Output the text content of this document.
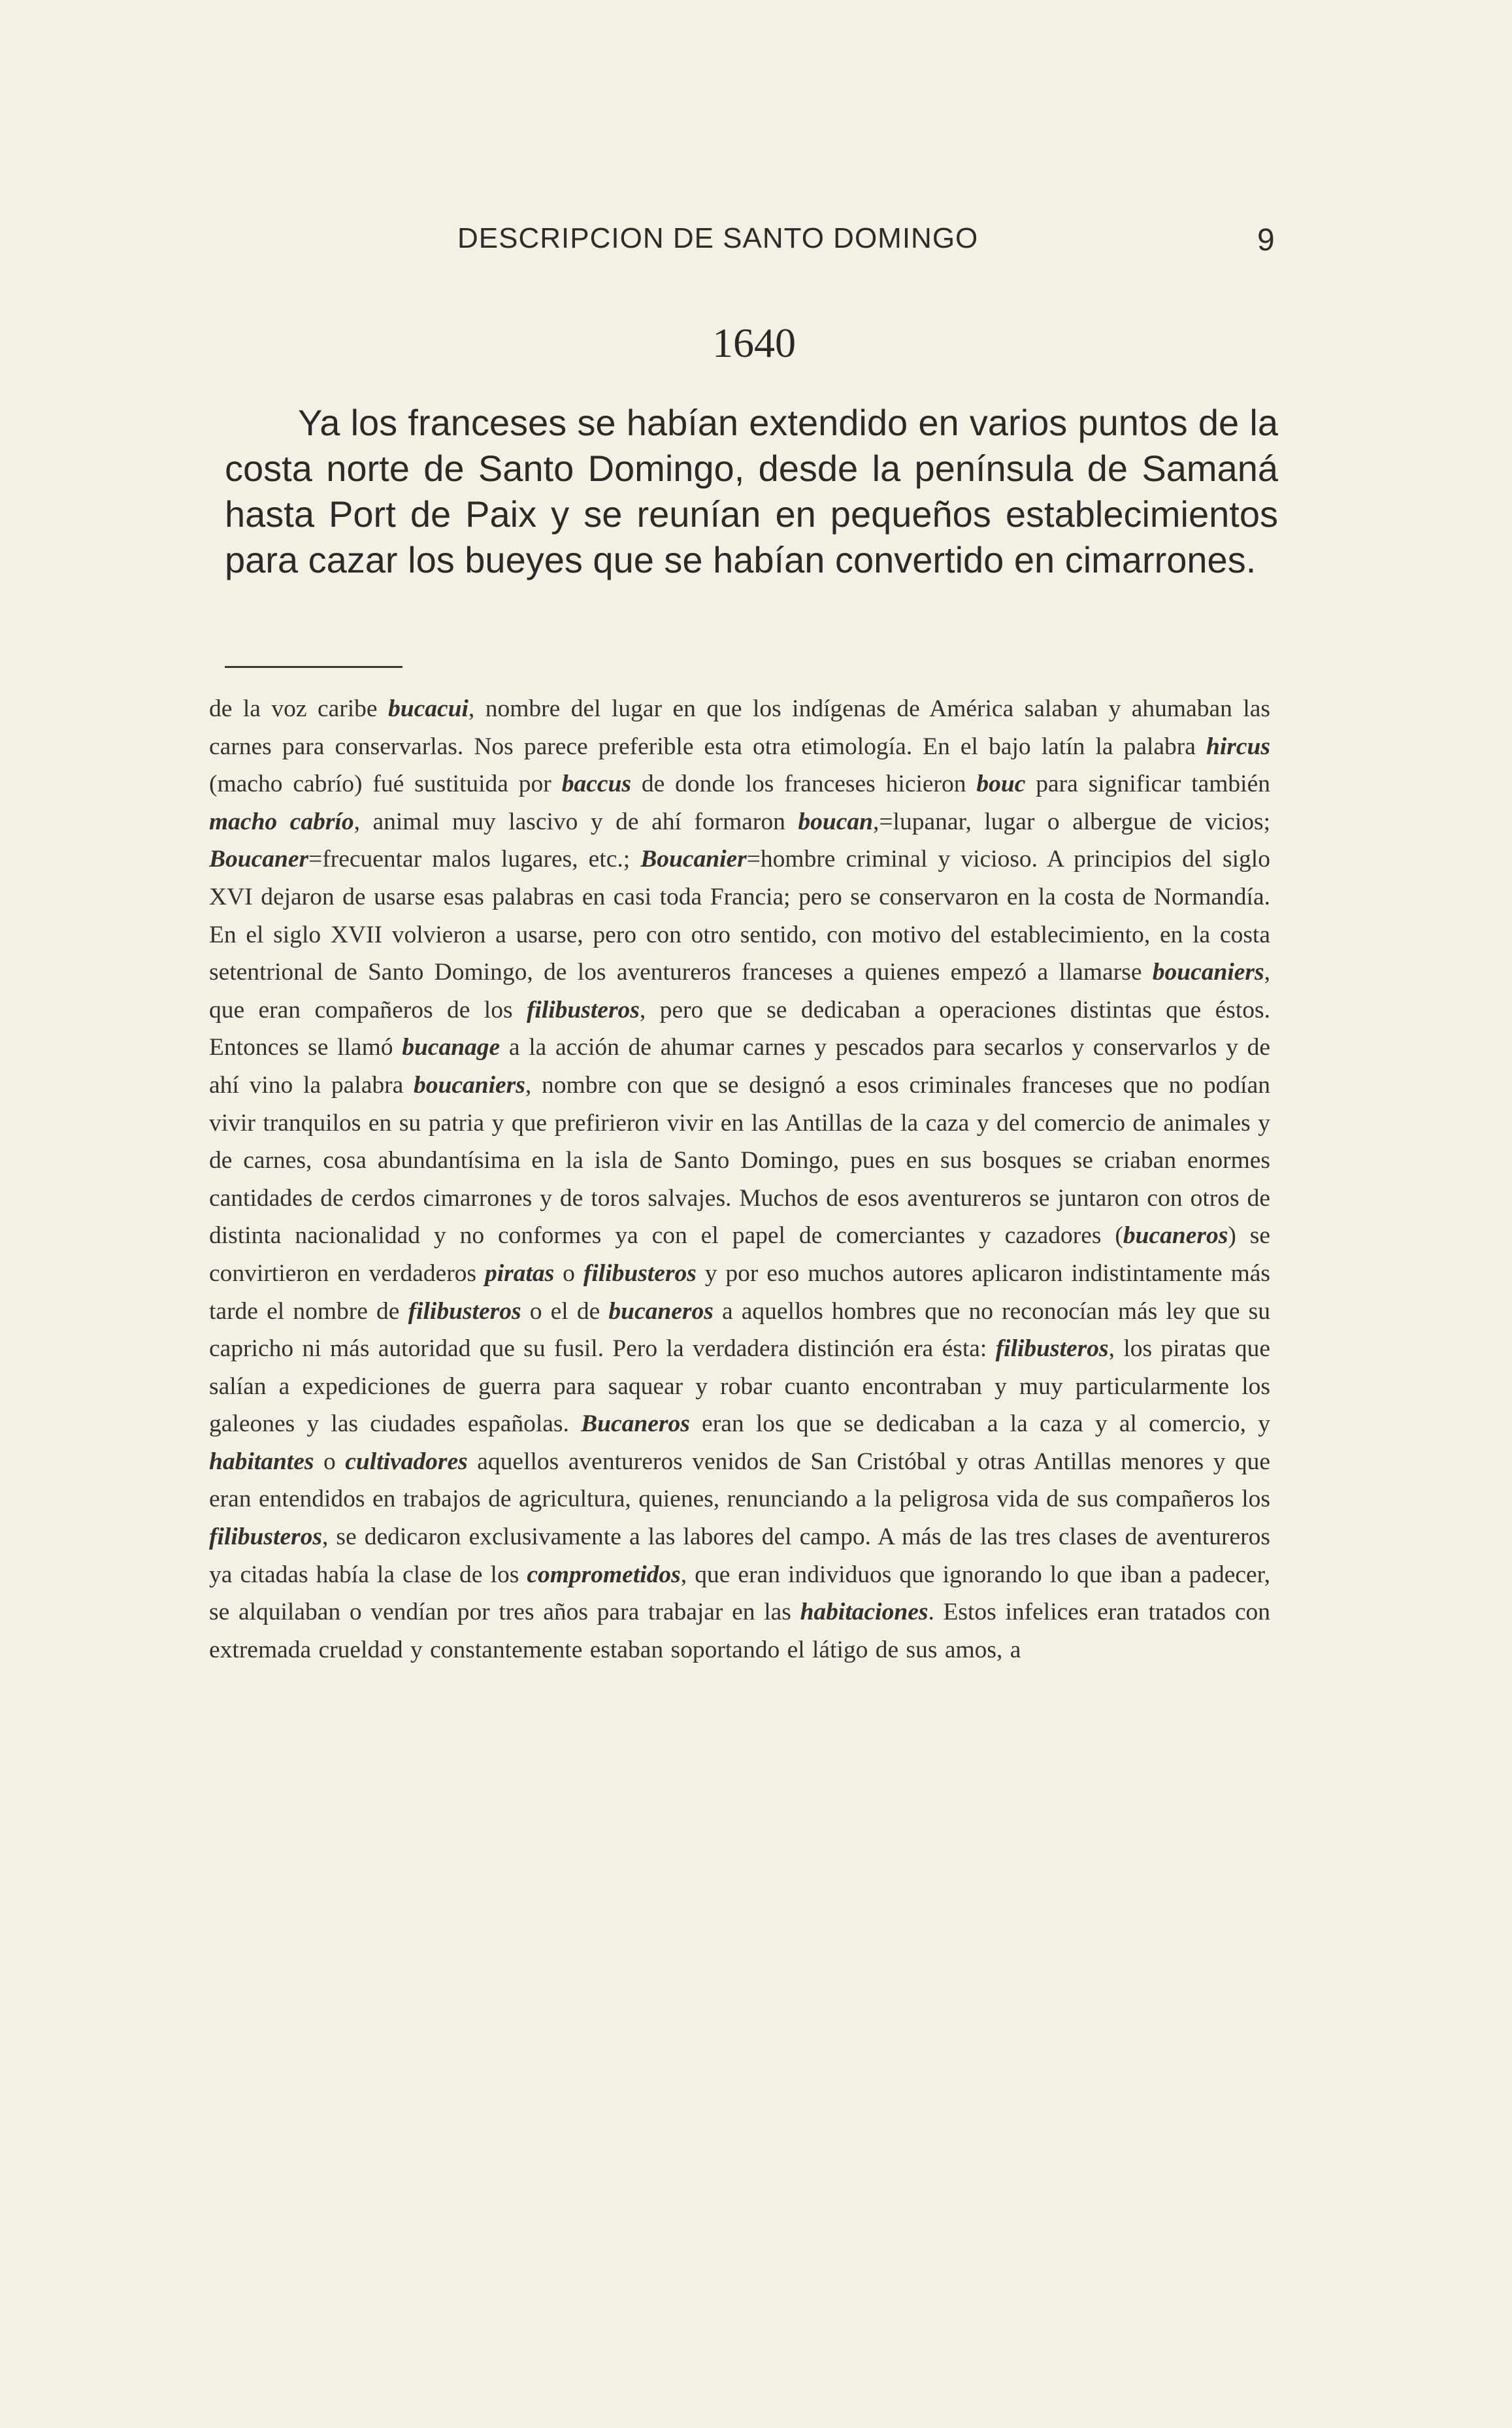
DESCRIPCION DE SANTO DOMINGO	9
1640

Ya los franceses se habían extendido en varios puntos de la costa norte de Santo Domingo, desde la península de Samaná hasta Port de Paix y se reunían en pequeños establecimientos para cazar los bueyes que se habían convertido en cimarrones.

de la voz caribe bucacui, nombre del lugar en que los indígenas de América salaban y ahumaban las carnes para conservarlas. Nos parece preferible esta otra etimología. En el bajo latín la palabra hircus (macho cabrío) fué sustituida por baccus de donde los franceses hicieron bouc para significar también macho cabrío, animal muy lascivo y de ahí formaron boucan,=lupanar, lugar o albergue de vicios; Boucaner=frecuentar malos lugares, etc.; Boucanier=hombre criminal y vicioso. A principios del siglo XVI dejaron de usarse esas palabras en casi toda Francia; pero se conservaron en la costa de Normandía. En el siglo XVII volvieron a usarse, pero con otro sentido, con motivo del establecimiento, en la costa setentrional de Santo Domingo, de los aventureros franceses a quienes empezó a llamarse boucaniers, que eran compañeros de los filibusteros, pero que se dedicaban a operaciones distintas que éstos. Entonces se llamó bucanage a la acción de ahumar carnes y pescados para secarlos y conservarlos y de ahí vino la palabra boucaniers, nombre con que se designó a esos criminales franceses que no podían vivir tranquilos en su patria y que prefirieron vivir en las Antillas de la caza y del comercio de animales y de carnes, cosa abundantísima en la isla de Santo Domingo, pues en sus bosques se criaban enormes cantidades de cerdos cimarrones y de toros salvajes. Muchos de esos aventureros se juntaron con otros de distinta nacionalidad y no conformes ya con el papel de comerciantes y cazadores (bucaneros) se convirtieron en verdaderos piratas o filibusteros y por eso muchos autores aplicaron indistintamente más tarde el nombre de filibusteros o el de bucaneros a aquellos hombres que no reconocían más ley que su capricho ni más autoridad que su fusil. Pero la verdadera distinción era ésta: filibusteros, los piratas que salían a expediciones de guerra para saquear y robar cuanto encontraban y muy particularmente los galeones y las ciudades españolas. Bucaneros eran los que se dedicaban a la caza y al comercio, y habitantes o cultivadores aquellos aventureros venidos de San Cristóbal y otras Antillas menores y que eran entendidos en trabajos de agricultura, quienes, renunciando a la peligrosa vida de sus compañeros los filibusteros, se dedicaron exclusivamente a las labores del campo. A más de las tres clases de aventureros ya citadas había la clase de los comprometidos, que eran individuos que ignorando lo que iban a padecer, se alquilaban o vendían por tres años para trabajar en las habitaciones. Estos infelices eran tratados con extremada crueldad y constantemente estaban soportando el látigo de sus amos, a
